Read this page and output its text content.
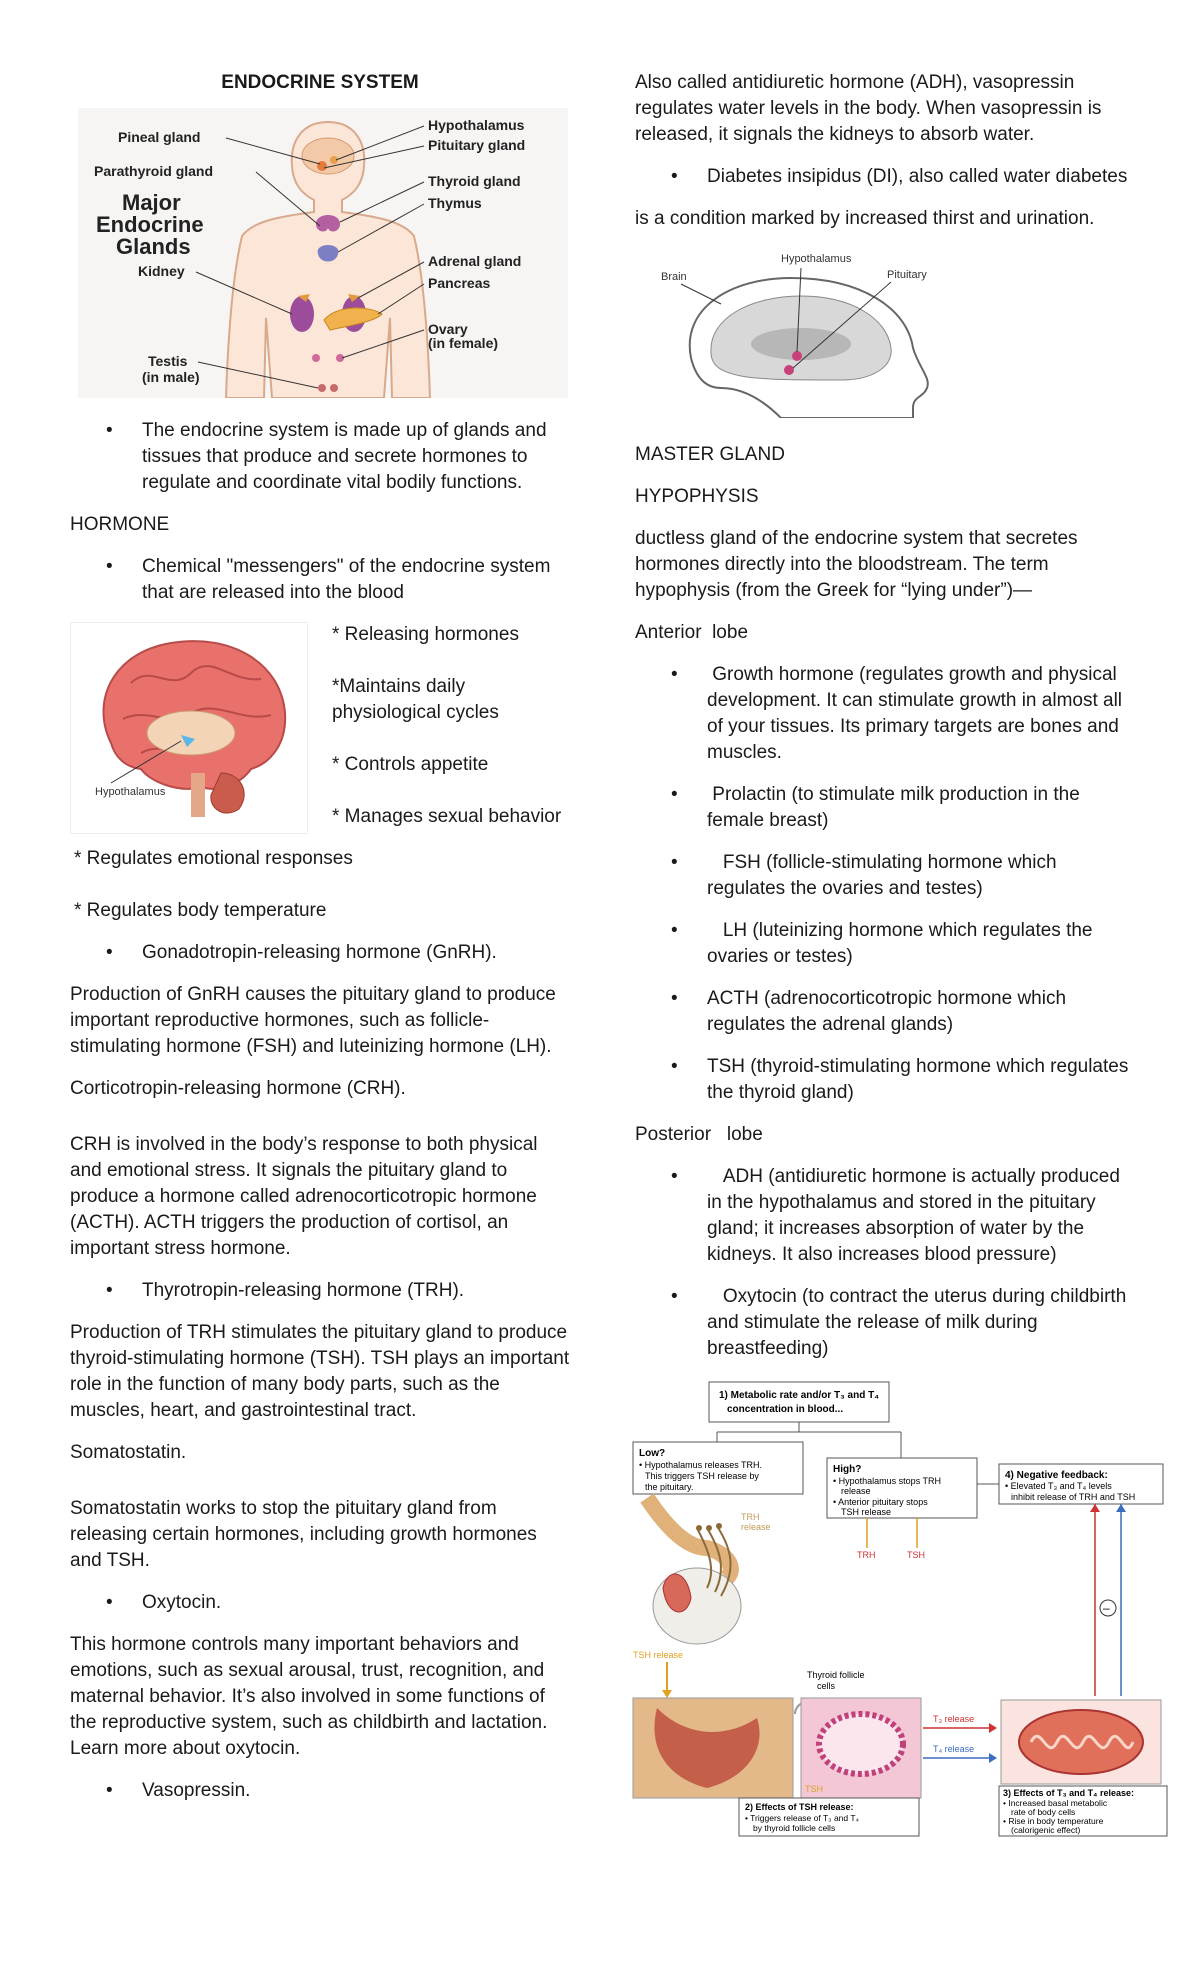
ENDOCRINE SYSTEM

Pineal gland
Parathyroid gland
Kidney
Testis
(in male)
Hypothalamus
Pituitary gland
Thyroid gland
Thymus
Adrenal gland
Pancreas
Ovary
(in female)
Major
Endocrine
Glands
• The endocrine system is made up of glands and tissues that produce and secrete hormones to regulate and coordinate vital bodily functions.

HORMONE

• Chemical "messengers" of the endocrine system that are released into the blood
Hypothalamus

* Releasing hormones

*Maintains daily physiological cycles

* Controls appetite

* Manages sexual behavior

* Regulates emotional responses

* Regulates body temperature

• Gonadotropin-releasing hormone (GnRH).

Production of GnRH causes the pituitary gland to produce important reproductive hormones, such as follicle-stimulating hormone (FSH) and luteinizing hormone (LH).

Corticotropin-releasing hormone (CRH).

CRH is involved in the body’s response to both physical and emotional stress. It signals the pituitary gland to produce a hormone called adrenocorticotropic hormone (ACTH). ACTH triggers the production of cortisol, an important stress hormone.

• Thyrotropin-releasing hormone (TRH).

Production of TRH stimulates the pituitary gland to produce thyroid-stimulating hormone (TSH). TSH plays an important role in the function of many body parts, such as the muscles, heart, and gastrointestinal tract.

Somatostatin.

Somatostatin works to stop the pituitary gland from releasing certain hormones, including growth hormones and TSH.

• Oxytocin.

This hormone controls many important behaviors and emotions, such as sexual arousal, trust, recognition, and maternal behavior. It’s also involved in some functions of the reproductive system, such as childbirth and lactation. Learn more about oxytocin.

• Vasopressin.

Also called antidiuretic hormone (ADH), vasopressin regulates water levels in the body. When vasopressin is released, it signals the kidneys to absorb water.

• Diabetes insipidus (DI), also called water diabetes

is a condition marked by increased thirst and urination.

Hypothalamus
Brain	Pituitary

MASTER GLAND

HYPOPHYSIS

ductless gland of the endocrine system that secretes hormones directly into the bloodstream. The term hypophysis (from the Greek for “lying under”)—

Anterior  lobe

•  Growth hormone (regulates growth and physical development. It can stimulate growth in almost all of your tissues. Its primary targets are bones and muscles.
•  Prolactin (to stimulate milk production in the female breast)
•    FSH (follicle-stimulating hormone which regulates the ovaries and testes)
•    LH (luteinizing hormone which regulates the ovaries or testes)
• ACTH (adrenocorticotropic hormone which regulates the adrenal glands)
• TSH (thyroid-stimulating hormone which regulates the thyroid gland)

Posterior   lobe

•    ADH (antidiuretic hormone is actually produced in the hypothalamus and stored in the pituitary gland; it increases absorption of water by the kidneys. It also increases blood pressure)
•    Oxytocin (to contract the uterus during childbirth and stimulate the release of milk during breastfeeding)
1) Metabolic rate and/or T₃ and T₄
concentration in blood...
Low?
• Hypothalamus releases TRH.
This triggers TSH release by
the pituitary.
High?
• Hypothalamus stops TRH
release
• Anterior pituitary stops
TSH release
4) Negative feedback:
• Elevated T₃ and T₄ levels
inhibit release of TRH and TSH
TRH
release
TSH release
TRH	TSH
–
Thyroid follicle
cells
TSH
T₃ release
T₄ release
2) Effects of TSH release:
• Triggers release of T₃ and T₄
by thyroid follicle cells
3) Effects of T₃ and T₄ release:
• Increased basal metabolic
rate of body cells
• Rise in body temperature
(calorigenic effect)
